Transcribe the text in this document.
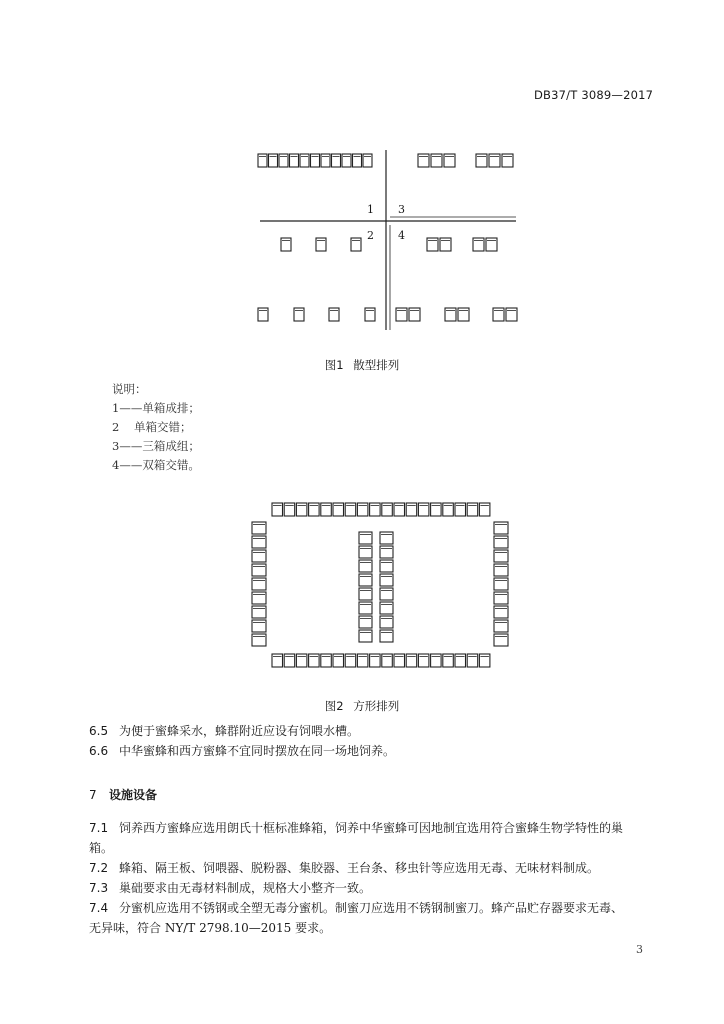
DB37/T 3089—2017
1 3
2 4
图1 散型排列
说明：
1——单箱成排；
2    单箱交错；
3——三箱成组；
4——双箱交错。
图2 方形排列
6.5 为便于蜜蜂采水，蜂群附近应设有饲喂水槽。
6.6 中华蜜蜂和西方蜜蜂不宜同时摆放在同一场地饲养。
7 设施设备
7.1 饲养西方蜜蜂应选用朗氏十框标准蜂箱，饲养中华蜜蜂可因地制宜选用符合蜜蜂生物学特性的巢
箱。
7.2 蜂箱、隔王板、饲喂器、脱粉器、集胶器、王台条、移虫针等应选用无毒、无味材料制成。
7.3 巢础要求由无毒材料制成，规格大小整齐一致。
7.4 分蜜机应选用不锈钢或全塑无毒分蜜机。制蜜刀应选用不锈钢制蜜刀。蜂产品贮存器要求无毒、
无异味，符合 NY/T 2798.10—2015 要求。
3
